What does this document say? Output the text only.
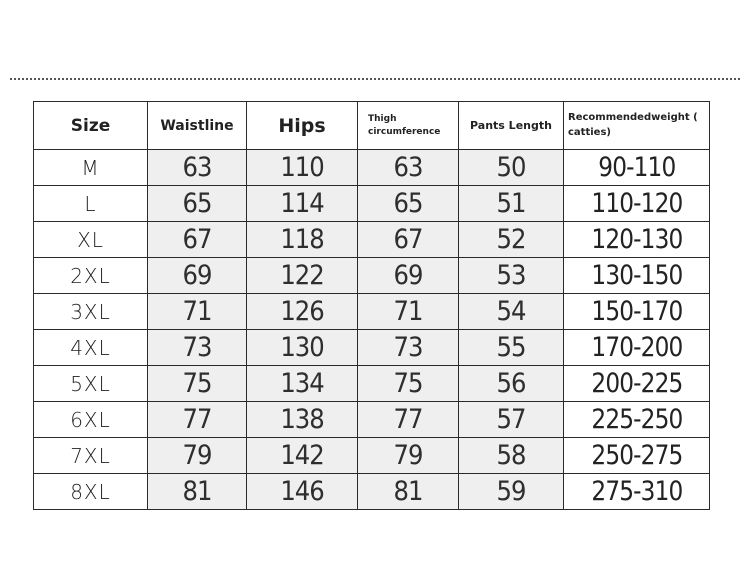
Size	Waistline	Hips	Thigh circumference	Pants Length	Recommendedweight ( catties)
M	63	110	63	50	90-110
L	65	114	65	51	110-120
XL	67	118	67	52	120-130
2XL	69	122	69	53	130-150
3XL	71	126	71	54	150-170
4XL	73	130	73	55	170-200
5XL	75	134	75	56	200-225
6XL	77	138	77	57	225-250
7XL	79	142	79	58	250-275
8XL	81	146	81	59	275-310
